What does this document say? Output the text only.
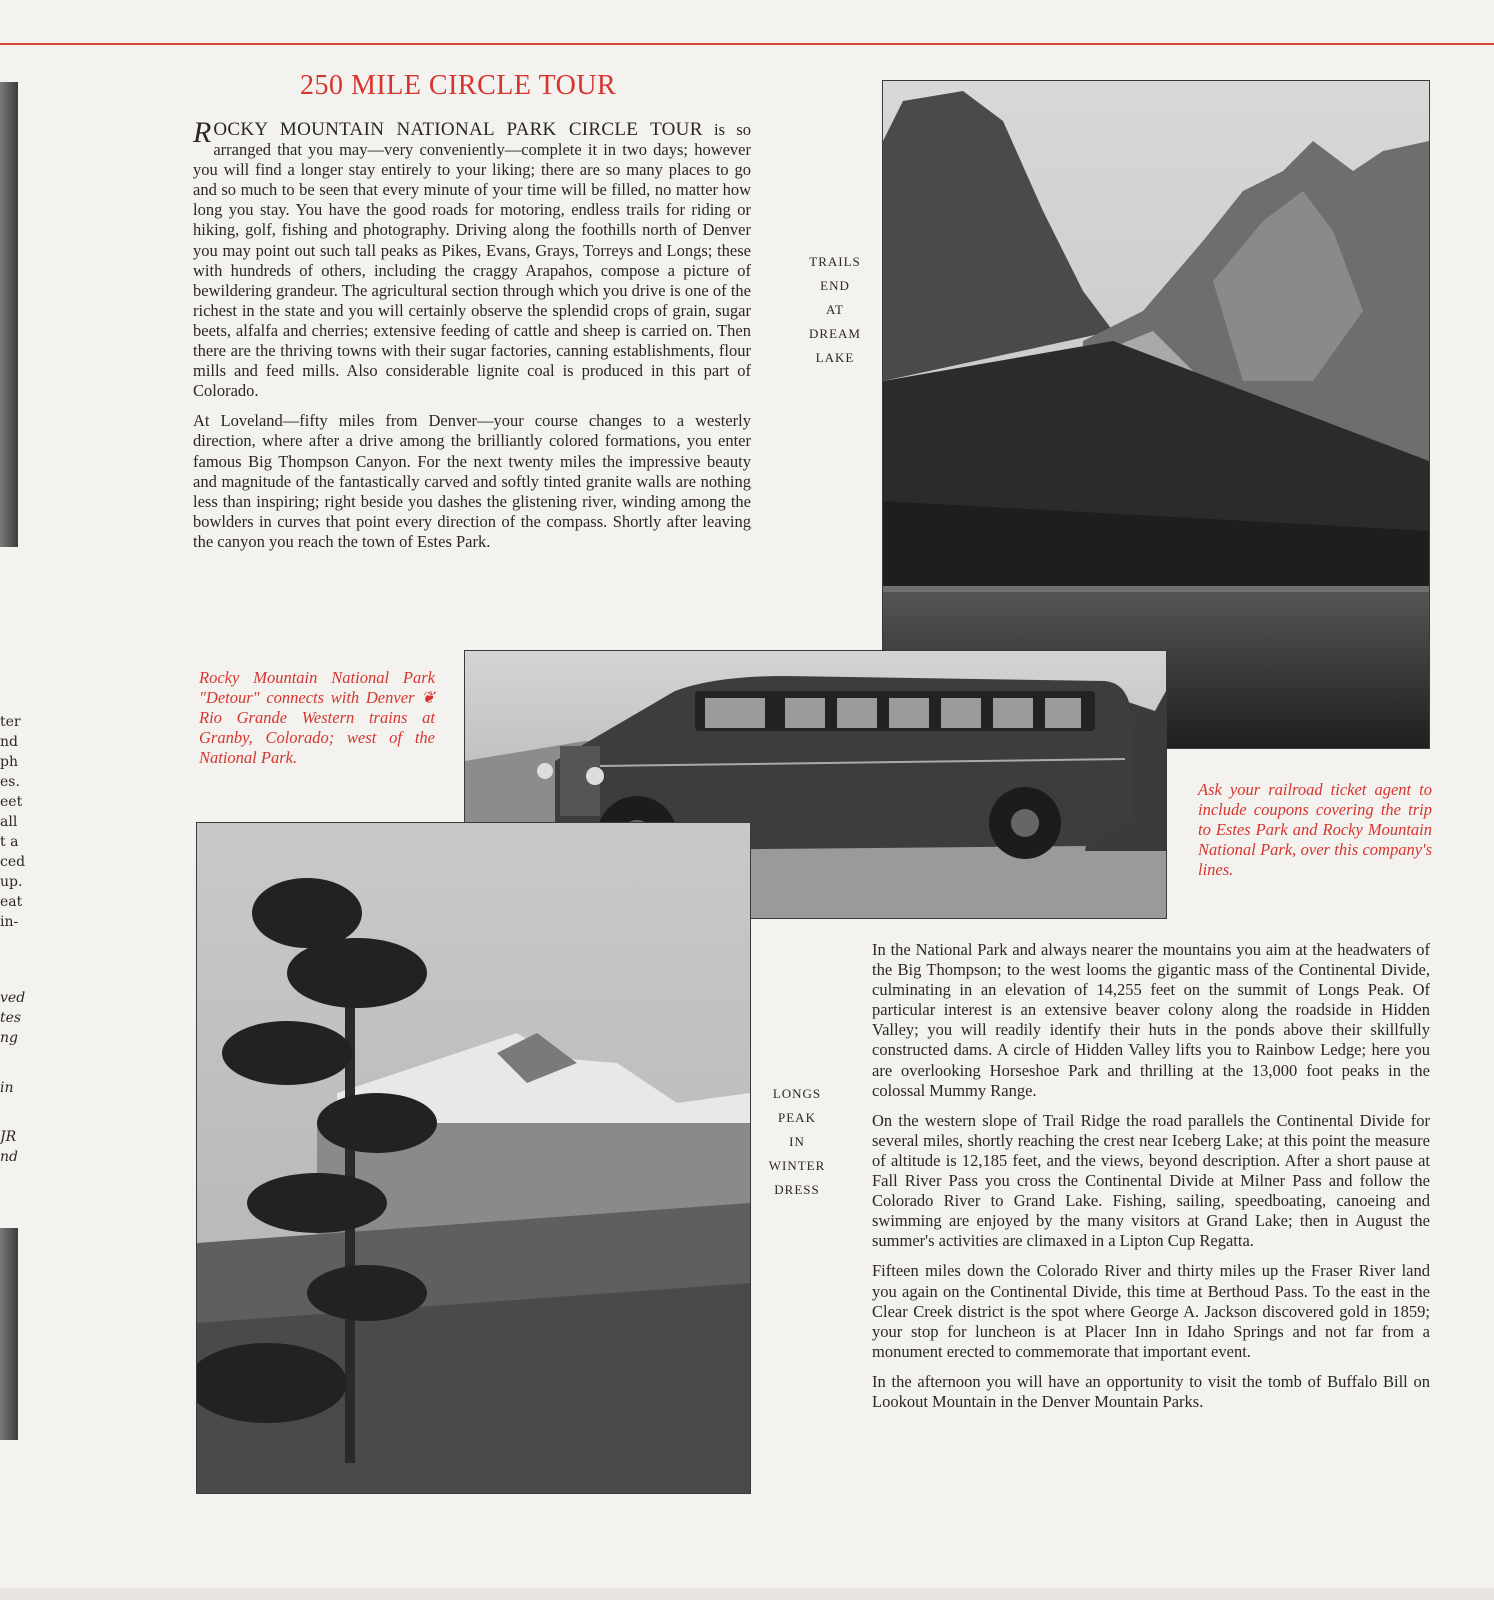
ter
nd
ph
es.
eet
all
t a
ced
up.
eat
in-
ved
tes
ng
in
JR
nd
250 MILE CIRCLE TOUR

ROCKY MOUNTAIN NATIONAL PARK CIRCLE TOUR is so arranged that you may—very conveniently—complete it in two days; however you will find a longer stay entirely to your liking; there are so many places to go and so much to be seen that every minute of your time will be filled, no matter how long you stay. You have the good roads for motoring, endless trails for riding or hiking, golf, fishing and photography. Driving along the foothills north of Denver you may point out such tall peaks as Pikes, Evans, Grays, Torreys and Longs; these with hundreds of others, including the craggy Arapahos, compose a picture of bewildering grandeur. The agricultural section through which you drive is one of the richest in the state and you will certainly observe the splendid crops of grain, sugar beets, alfalfa and cherries; extensive feeding of cattle and sheep is carried on. Then there are the thriving towns with their sugar factories, canning establishments, flour mills and feed mills. Also considerable lignite coal is produced in this part of Colorado.

At Loveland—fifty miles from Denver—your course changes to a westerly direction, where after a drive among the brilliantly colored formations, you enter famous Big Thompson Canyon. For the next twenty miles the impressive beauty and magnitude of the fantastically carved and softly tinted granite walls are nothing less than inspiring; right beside you dashes the glistening river, winding among the bowlders in curves that point every direction of the compass. Shortly after leaving the canyon you reach the town of Estes Park.

TRAILS
END
AT
DREAM
LAKE
Rocky Mountain National Park "Detour" connects with Denver ❦ Rio Grande Western trains at Granby, Colorado; west of the National Park.
Ask your railroad ticket agent to include coupons covering the trip to Estes Park and Rocky Mountain National Park, over this company's lines.
LONGS
PEAK
IN
WINTER
DRESS

In the National Park and always nearer the mountains you aim at the headwaters of the Big Thompson; to the west looms the gigantic mass of the Continental Divide, culminating in an elevation of 14,255 feet on the summit of Longs Peak. Of particular interest is an extensive beaver colony along the roadside in Hidden Valley; you will readily identify their huts in the ponds above their skillfully constructed dams. A circle of Hidden Valley lifts you to Rainbow Ledge; here you are overlooking Horseshoe Park and thrilling at the 13,000 foot peaks in the colossal Mummy Range.

On the western slope of Trail Ridge the road parallels the Continental Divide for several miles, shortly reaching the crest near Iceberg Lake; at this point the measure of altitude is 12,185 feet, and the views, beyond description. After a short pause at Fall River Pass you cross the Continental Divide at Milner Pass and follow the Colorado River to Grand Lake. Fishing, sailing, speedboating, canoeing and swimming are enjoyed by the many visitors at Grand Lake; then in August the summer's activities are climaxed in a Lipton Cup Regatta.

Fifteen miles down the Colorado River and thirty miles up the Fraser River land you again on the Continental Divide, this time at Berthoud Pass. To the east in the Clear Creek district is the spot where George A. Jackson discovered gold in 1859; your stop for luncheon is at Placer Inn in Idaho Springs and not far from a monument erected to commemorate that important event.

In the afternoon you will have an opportunity to visit the tomb of Buffalo Bill on Lookout Mountain in the Denver Mountain Parks.
